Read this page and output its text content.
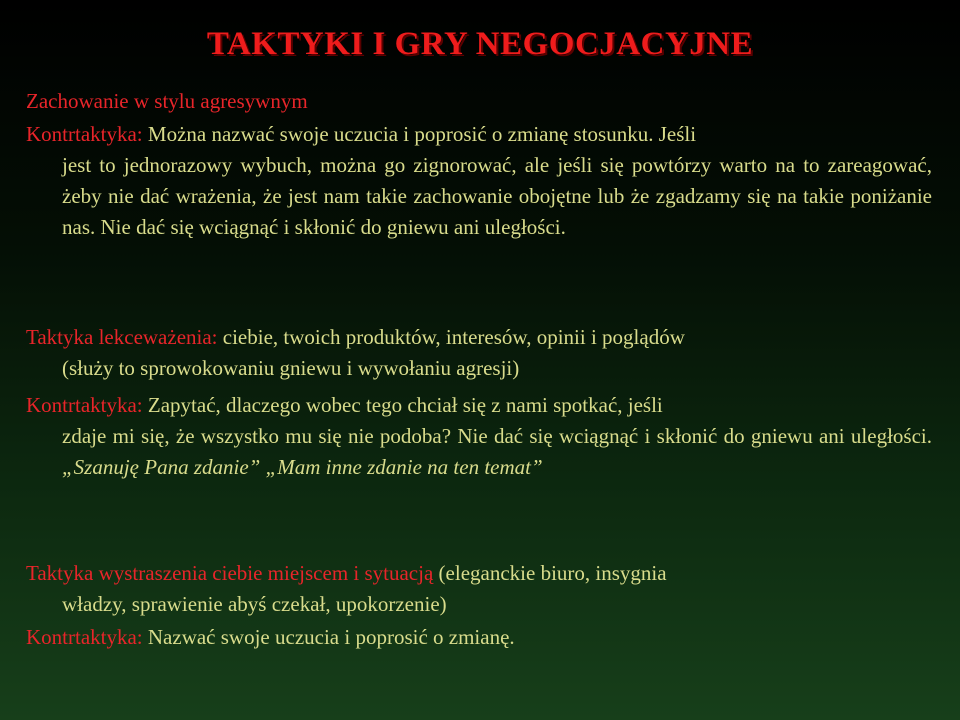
TAKTYKI I GRY NEGOCJACYJNE

Zachowanie w stylu agresywnym

Kontrtaktyka: Można nazwać swoje uczucia i poprosić o zmianę stosunku. Jeśli
jest to jednorazowy wybuch, można go zignorować, ale jeśli się powtórzy warto na to zareagować, żeby nie dać wrażenia, że jest nam takie zachowanie obojętne lub że zgadzamy się na takie poniżanie nas. Nie dać się wciągnąć i skłonić do gniewu ani uległości.

Taktyka lekceważenia: ciebie, twoich produktów, interesów, opinii i poglądów
(służy to sprowokowaniu gniewu i wywołaniu agresji)

Kontrtaktyka: Zapytać, dlaczego wobec tego chciał się z nami spotkać, jeśli
zdaje mi się, że wszystko mu się nie podoba? Nie dać się wciągnąć i skłonić do gniewu ani uległości. „Szanuję Pana zdanie” „Mam inne zdanie na ten temat”

Taktyka wystraszenia ciebie miejscem i sytuacją (eleganckie biuro, insygnia
władzy, sprawienie abyś czekał, upokorzenie)

Kontrtaktyka: Nazwać swoje uczucia i poprosić o zmianę.
